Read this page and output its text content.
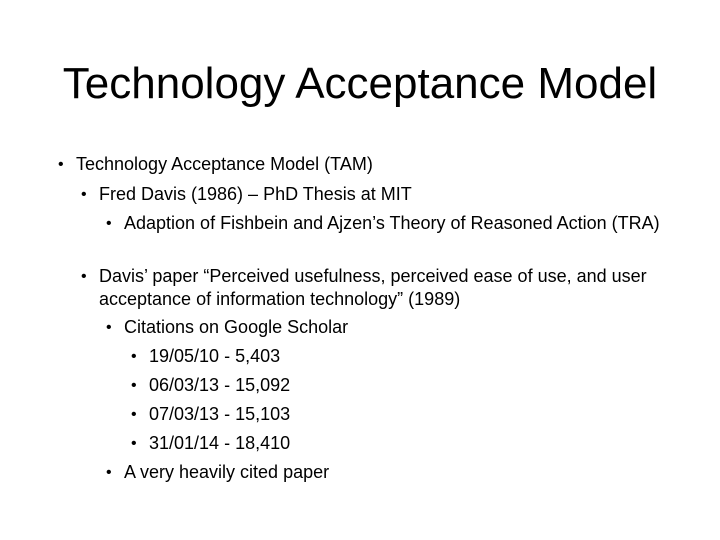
Technology Acceptance Model
• Technology Acceptance Model (TAM)
• Fred Davis (1986) – PhD Thesis at MIT
• Adaption of Fishbein and Ajzen’s Theory of Reasoned Action (TRA)
• Davis’ paper “Perceived usefulness, perceived ease of use, and user acceptance of information technology” (1989)
• Citations on Google Scholar
• 19/05/10 - 5,403
• 06/03/13 - 15,092
• 07/03/13 - 15,103
• 31/01/14 - 18,410
• A very heavily cited paper
